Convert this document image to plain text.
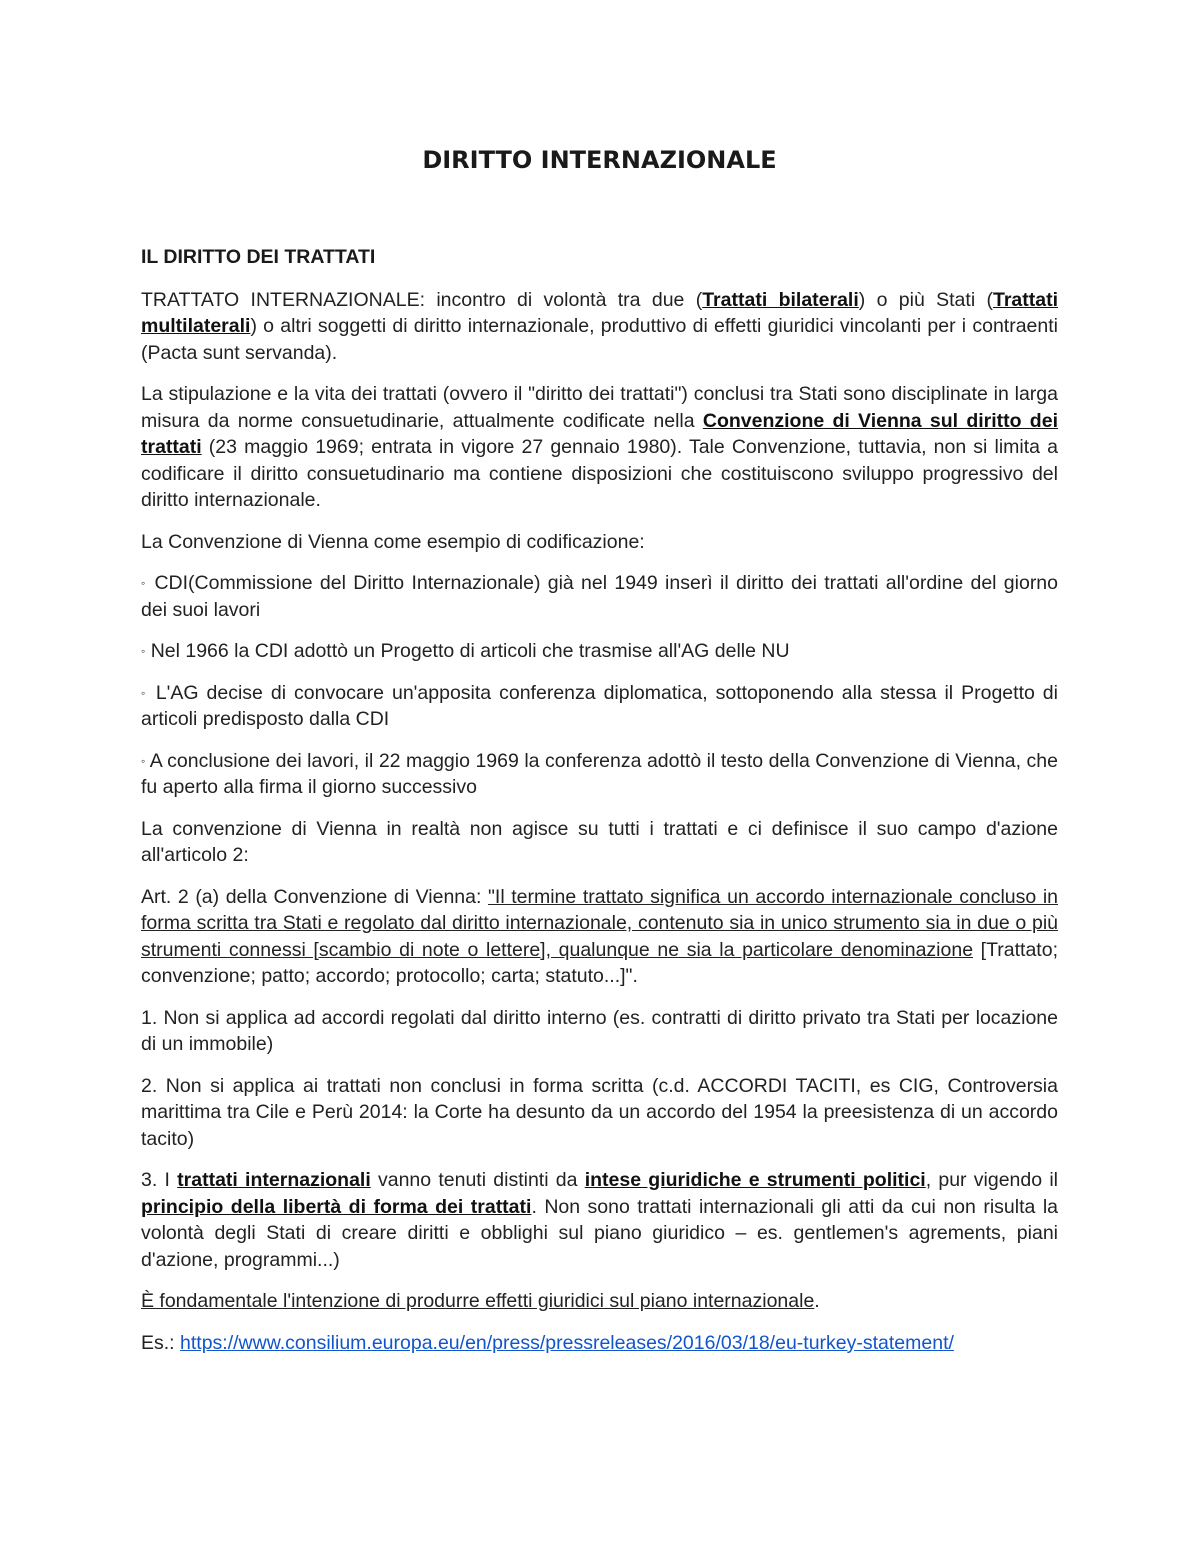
DIRITTO INTERNAZIONALE
IL DIRITTO DEI TRATTATI

TRATTATO INTERNAZIONALE: incontro di volontà tra due (Trattati bilaterali) o più Stati (Trattati multilaterali) o altri soggetti di diritto internazionale, produttivo di effetti giuridici vincolanti per i contraenti (Pacta sunt servanda).

La stipulazione e la vita dei trattati (ovvero il "diritto dei trattati") conclusi tra Stati sono disciplinate in larga misura da norme consuetudinarie, attualmente codificate nella Convenzione di Vienna sul diritto dei trattati (23 maggio 1969; entrata in vigore 27 gennaio 1980). Tale Convenzione, tuttavia, non si limita a codificare il diritto consuetudinario ma contiene disposizioni che costituiscono sviluppo progressivo del diritto internazionale.

La Convenzione di Vienna come esempio di codificazione:

◦ CDI(Commissione del Diritto Internazionale) già nel 1949 inserì il diritto dei trattati all'ordine del giorno dei suoi lavori

◦ Nel 1966 la CDI adottò un Progetto di articoli che trasmise all'AG delle NU

◦ L'AG decise di convocare un'apposita conferenza diplomatica, sottoponendo alla stessa il Progetto di articoli predisposto dalla CDI

◦ A conclusione dei lavori, il 22 maggio 1969 la conferenza adottò il testo della Convenzione di Vienna, che fu aperto alla firma il giorno successivo

La convenzione di Vienna in realtà non agisce su tutti i trattati e ci definisce il suo campo d'azione all'articolo 2:

Art. 2 (a) della Convenzione di Vienna: "Il termine trattato significa un accordo internazionale concluso in forma scritta tra Stati e regolato dal diritto internazionale, contenuto sia in unico strumento sia in due o più strumenti connessi [scambio di note o lettere], qualunque ne sia la particolare denominazione [Trattato; convenzione; patto; accordo; protocollo; carta; statuto...]".

1. Non si applica ad accordi regolati dal diritto interno (es. contratti di diritto privato tra Stati per locazione di un immobile)

2. Non si applica ai trattati non conclusi in forma scritta (c.d. ACCORDI TACITI, es CIG, Controversia marittima tra Cile e Perù 2014: la Corte ha desunto da un accordo del 1954 la preesistenza di un accordo tacito)

3. I trattati internazionali vanno tenuti distinti da intese giuridiche e strumenti politici, pur vigendo il principio della libertà di forma dei trattati. Non sono trattati internazionali gli atti da cui non risulta la volontà degli Stati di creare diritti e obblighi sul piano giuridico – es. gentlemen's agrements, piani d'azione, programmi...)

È fondamentale l'intenzione di produrre effetti giuridici sul piano internazionale.

Es.: https://www.consilium.europa.eu/en/press/pressreleases/2016/03/18/eu-turkey-statement/
